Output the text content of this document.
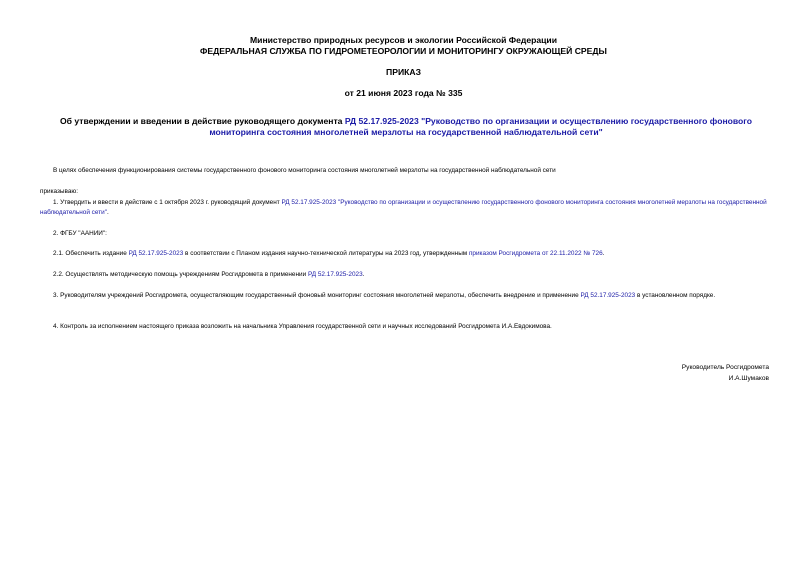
Министерство природных ресурсов и экологии Российской Федерации
ФЕДЕРАЛЬНАЯ СЛУЖБА ПО ГИДРОМЕТЕОРОЛОГИИ И МОНИТОРИНГУ ОКРУЖАЮЩЕЙ СРЕДЫ
ПРИКАЗ
от 21 июня 2023 года № 335
Об утверждении и введении в действие руководящего документа РД 52.17.925-2023 "Руководство по организации и осуществлению государственного фонового мониторинга состояния многолетней мерзлоты на государственной наблюдательной сети"
В целях обеспечения функционирования системы государственного фонового мониторинга состояния многолетней мерзлоты на государственной наблюдательной сети
приказываю:
1. Утвердить и ввести в действие с 1 октября 2023 г. руководящий документ РД 52.17.925-2023 "Руководство по организации и осуществлению государственного фонового мониторинга состояния многолетней мерзлоты на государственной наблюдательной сети".
2. ФГБУ "ААНИИ":
2.1. Обеспечить издание РД 52.17.925-2023 в соответствии с Планом издания научно-технической литературы на 2023 год, утвержденным приказом Росгидромета от 22.11.2022 № 726.
2.2. Осуществлять методическую помощь учреждениям Росгидромета в применении РД 52.17.925-2023.
3. Руководителям учреждений Росгидромета, осуществляющим государственный фоновый мониторинг состояния многолетней мерзлоты, обеспечить внедрение и применение РД 52.17.925-2023 в установленном порядке.
4. Контроль за исполнением настоящего приказа возложить на начальника Управления государственной сети и научных исследований Росгидромета И.А.Евдокимова.
Руководитель Росгидромета
И.А.Шумаков
